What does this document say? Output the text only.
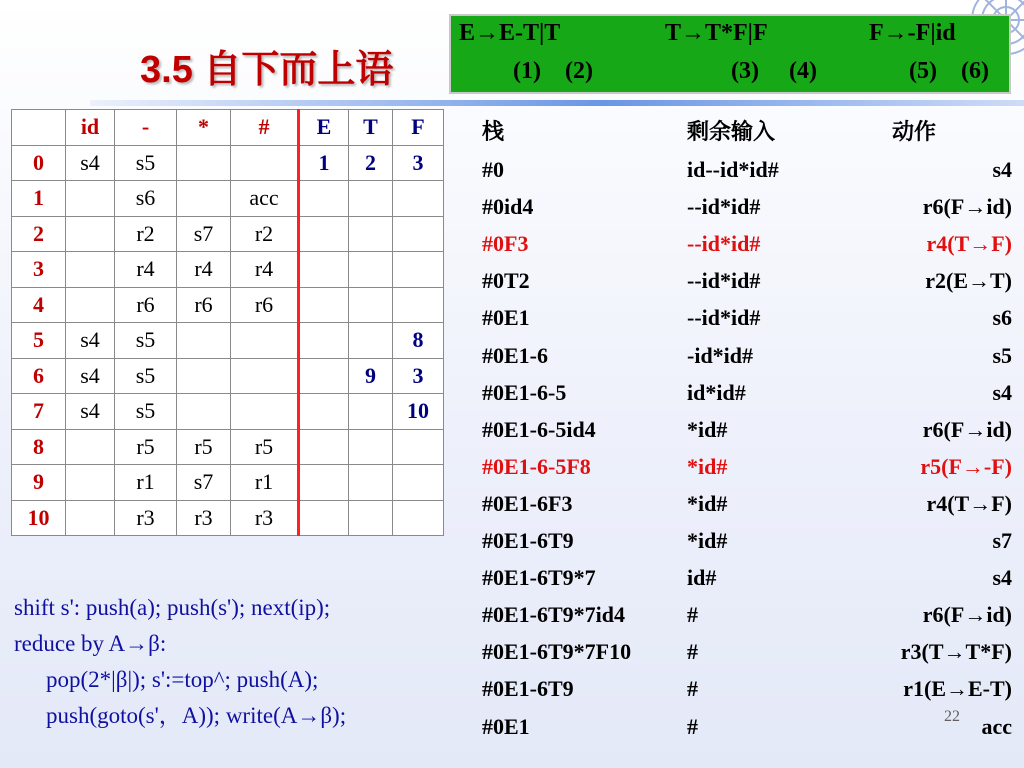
3.5 自下而上语
E→E-T|T	T→T*F|F	F→-F|id
(1) (2)	(3) (4)	(5) (6)
	id	-	*	#	E	T	F
0	s4	s5			1	2	3
1		s6		acc			
2		r2	s7	r2			
3		r4	r4	r4			
4		r6	r6	r6			
5	s4	s5					8
6	s4	s5				9	3
7	s4	s5					10
8		r5	r5	r5			
9		r1	s7	r1			
10		r3	r3	r3			
shift s': push(a); push(s'); next(ip);
reduce by A→β:
pop(2*|β|); s':=top^; push(A);
push(goto(s'，A)); write(A→β);
栈	剩余输入	动作
#0	id--id*id#	s4
#0id4	--id*id#	r6(F→id)
#0F3	--id*id#	r4(T→F)
#0T2	--id*id#	r2(E→T)
#0E1	--id*id#	s6
#0E1-6	-id*id#	s5
#0E1-6-5	id*id#	s4
#0E1-6-5id4	*id#	r6(F→id)
#0E1-6-5F8	*id#	r5(F→-F)
#0E1-6F3	*id#	r4(T→F)
#0E1-6T9	*id#	s7
#0E1-6T9*7	id#	s4
#0E1-6T9*7id4	#	r6(F→id)
#0E1-6T9*7F10	#	r3(T→T*F)
#0E1-6T9	#	r1(E→E-T)
#0E1	#	acc
22
